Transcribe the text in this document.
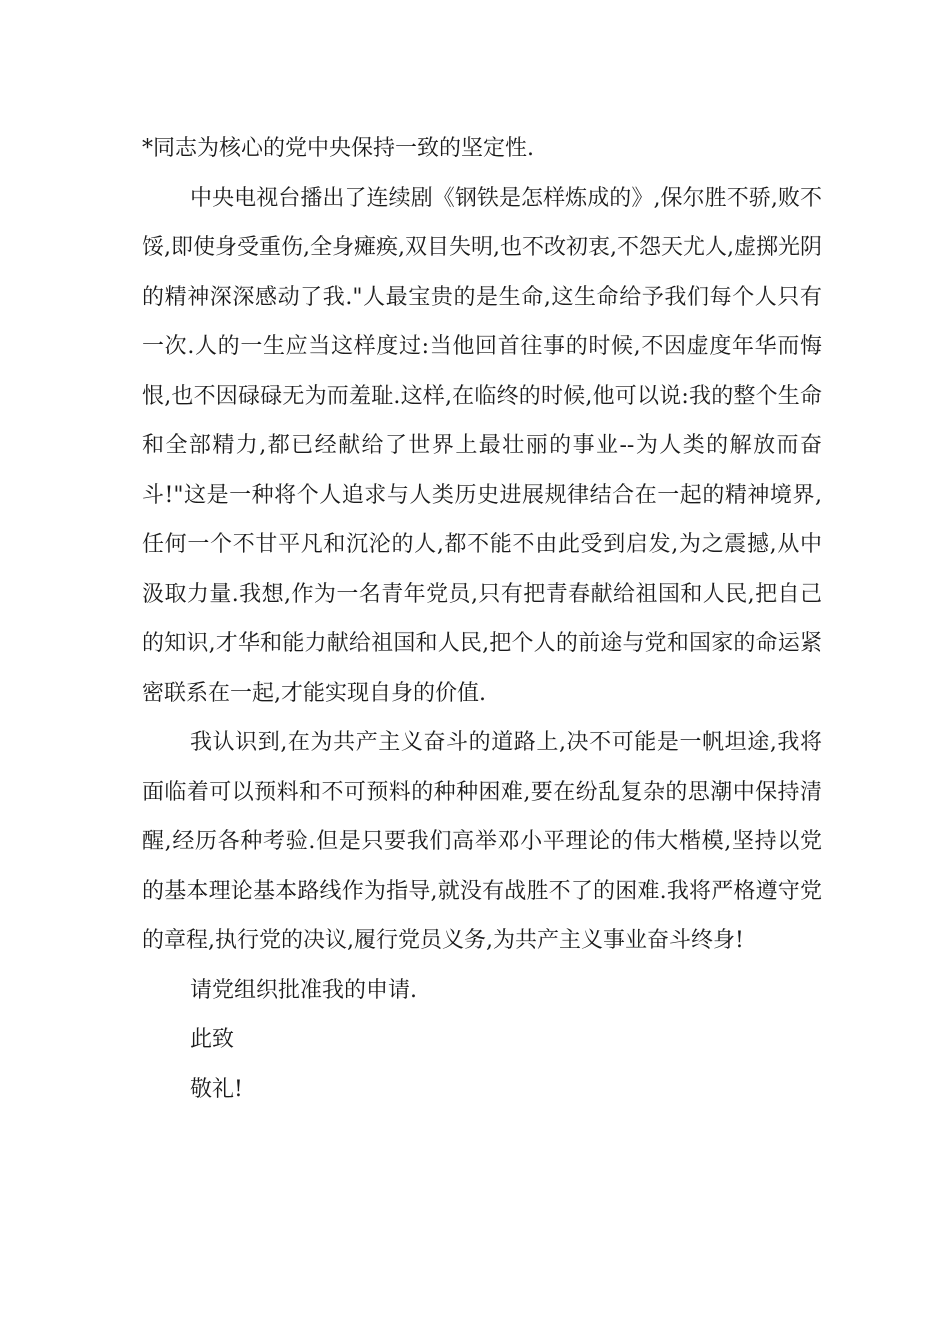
*同志为核心的党中央保持一致的坚定性.

中央电视台播出了连续剧《钢铁是怎样炼成的》,保尔胜不骄,败不馁,即使身受重伤,全身瘫痪,双目失明,也不改初衷,不怨天尤人,虚掷光阴的精神深深感动了我."人最宝贵的是生命,这生命给予我们每个人只有一次.人的一生应当这样度过:当他回首往事的时候,不因虚度年华而悔恨,也不因碌碌无为而羞耻.这样,在临终的时候,他可以说:我的整个生命和全部精力,都已经献给了世界上最壮丽的事业--为人类的解放而奋斗!"这是一种将个人追求与人类历史进展规律结合在一起的精神境界,任何一个不甘平凡和沉沦的人,都不能不由此受到启发,为之震撼,从中汲取力量.我想,作为一名青年党员,只有把青春献给祖国和人民,把自己的知识,才华和能力献给祖国和人民,把个人的前途与党和国家的命运紧密联系在一起,才能实现自身的价值.

我认识到,在为共产主义奋斗的道路上,决不可能是一帆坦途,我将面临着可以预料和不可预料的种种困难,要在纷乱复杂的思潮中保持清醒,经历各种考验.但是只要我们高举邓小平理论的伟大楷模,坚持以党的基本理论基本路线作为指导,就没有战胜不了的困难.我将严格遵守党的章程,执行党的决议,履行党员义务,为共产主义事业奋斗终身!

请党组织批准我的申请.

此致

敬礼!
